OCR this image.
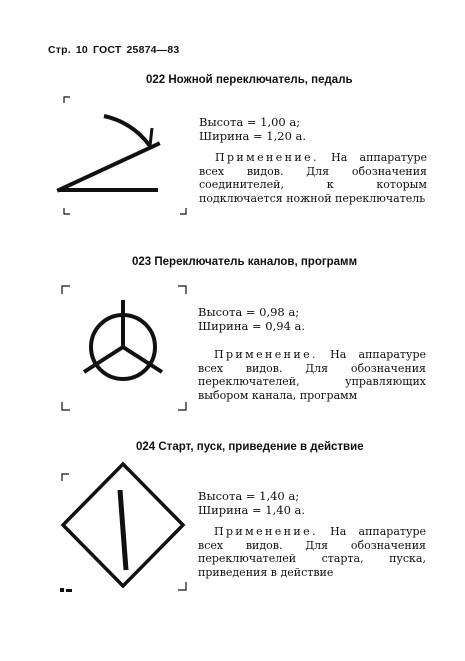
Стр. 10 ГОСТ 25874—83
022 Ножной переключатель, педаль
Высота = 1,00 а;
Ширина = 1,20 а.
Применение. На аппаратуре всех видов. Для обозначения соединителей, к которым подключается ножной переключатель
023 Переключатель каналов, программ
Высота = 0,98 а;
Ширина = 0,94 а.
Применение. На аппаратуре всех видов. Для обозначения переключателей, управляющих выбором канала, программ
024 Старт, пуск, приведение в действие
Высота = 1,40 а;
Ширина = 1,40 а.
Применение. На аппаратуре всех видов. Для обозначения переключателей старта, пуска, приведения в действие
